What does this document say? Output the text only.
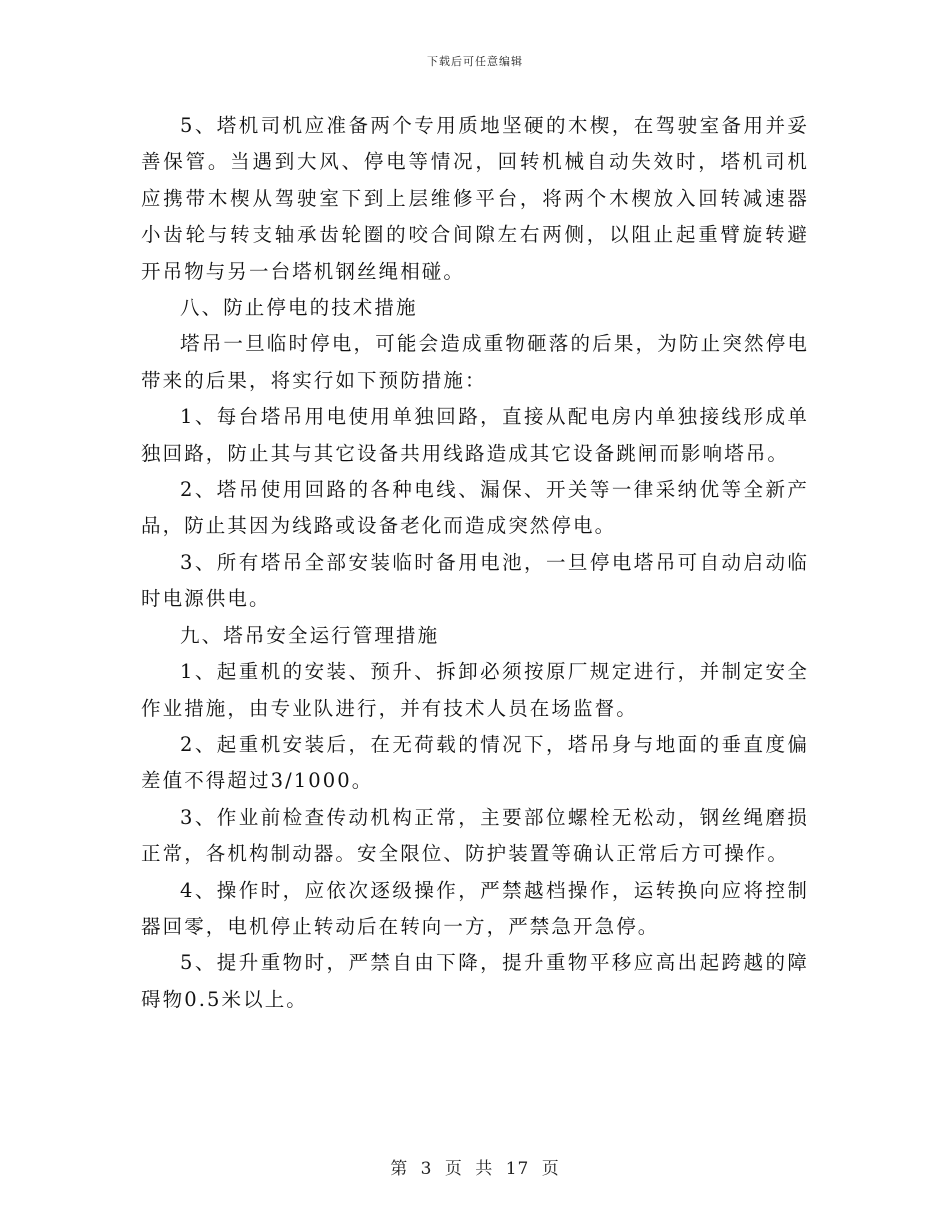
下载后可任意编辑

5、塔机司机应准备两个专用质地坚硬的木楔，在驾驶室备用并妥善保管。当遇到大风、停电等情况，回转机械自动失效时，塔机司机应携带木楔从驾驶室下到上层维修平台，将两个木楔放入回转减速器小齿轮与转支轴承齿轮圈的咬合间隙左右两侧，以阻止起重臂旋转避开吊物与另一台塔机钢丝绳相碰。

八、防止停电的技术措施

塔吊一旦临时停电，可能会造成重物砸落的后果，为防止突然停电带来的后果，将实行如下预防措施：

1、每台塔吊用电使用单独回路，直接从配电房内单独接线形成单独回路，防止其与其它设备共用线路造成其它设备跳闸而影响塔吊。

2、塔吊使用回路的各种电线、漏保、开关等一律采纳优等全新产品，防止其因为线路或设备老化而造成突然停电。

3、所有塔吊全部安装临时备用电池，一旦停电塔吊可自动启动临时电源供电。

九、塔吊安全运行管理措施

1、起重机的安装、预升、拆卸必须按原厂规定进行，并制定安全作业措施，由专业队进行，并有技术人员在场监督。

2、起重机安装后，在无荷载的情况下，塔吊身与地面的垂直度偏差值不得超过3/1000。

3、作业前检查传动机构正常，主要部位螺栓无松动，钢丝绳磨损正常，各机构制动器。安全限位、防护装置等确认正常后方可操作。

4、操作时，应依次逐级操作，严禁越档操作，运转换向应将控制器回零，电机停止转动后在转向一方，严禁急开急停。

5、提升重物时，严禁自由下降，提升重物平移应高出起跨越的障碍物0.5米以上。

第 3 页 共 17 页
